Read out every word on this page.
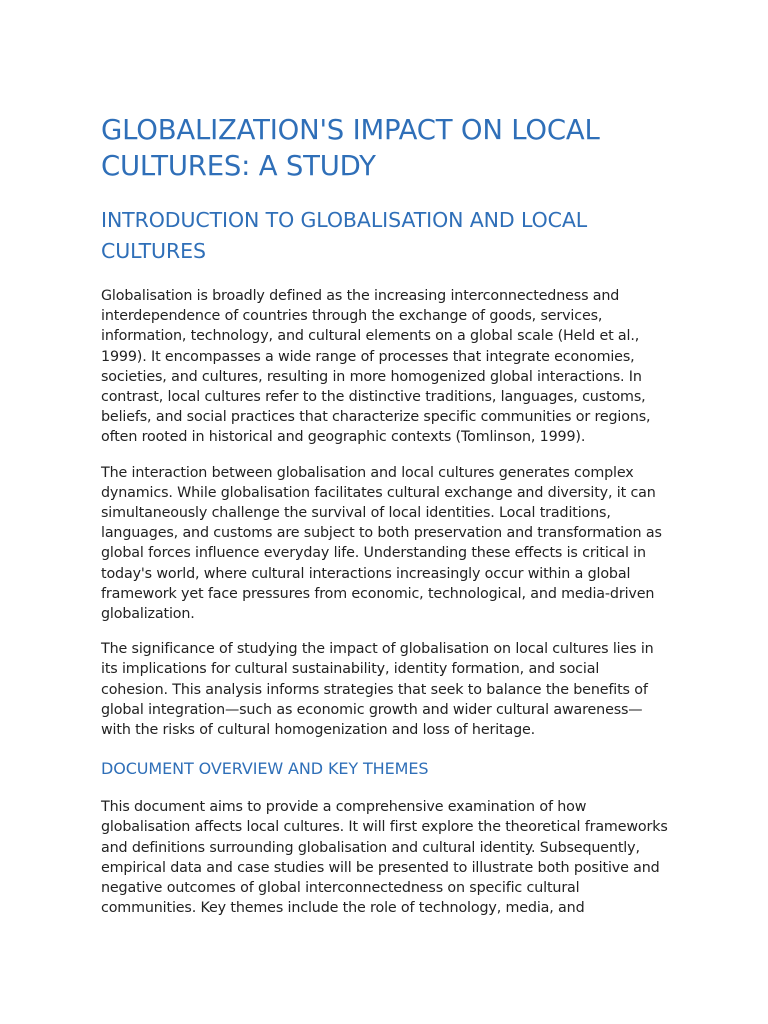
GLOBALIZATION'S IMPACT ON LOCAL CULTURES: A STUDY
INTRODUCTION TO GLOBALISATION AND LOCAL CULTURES

Globalisation is broadly defined as the increasing interconnectedness and interdependence of countries through the exchange of goods, services, information, technology, and cultural elements on a global scale (Held et al., 1999). It encompasses a wide range of processes that integrate economies, societies, and cultures, resulting in more homogenized global interactions. In contrast, local cultures refer to the distinctive traditions, languages, customs, beliefs, and social practices that characterize specific communities or regions, often rooted in historical and geographic contexts (Tomlinson, 1999).

The interaction between globalisation and local cultures generates complex dynamics. While globalisation facilitates cultural exchange and diversity, it can simultaneously challenge the survival of local identities. Local traditions, languages, and customs are subject to both preservation and transformation as global forces influence everyday life. Understanding these effects is critical in today's world, where cultural interactions increasingly occur within a global framework yet face pressures from economic, technological, and media-driven globalization.

The significance of studying the impact of globalisation on local cultures lies in its implications for cultural sustainability, identity formation, and social cohesion. This analysis informs strategies that seek to balance the benefits of global integration—such as economic growth and wider cultural awareness—with the risks of cultural homogenization and loss of heritage.

DOCUMENT OVERVIEW AND KEY THEMES

This document aims to provide a comprehensive examination of how globalisation affects local cultures. It will first explore the theoretical frameworks and definitions surrounding globalisation and cultural identity. Subsequently, empirical data and case studies will be presented to illustrate both positive and negative outcomes of global interconnectedness on specific cultural communities. Key themes include the role of technology, media, and
